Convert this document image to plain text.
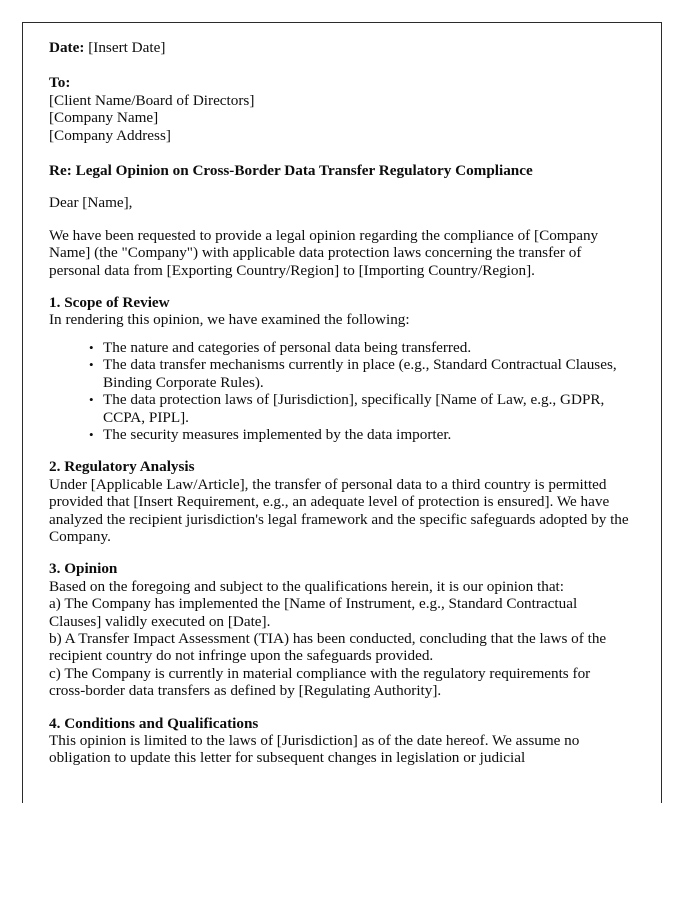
Date: [Insert Date]

To:

[Client Name/Board of Directors]

[Company Name]

[Company Address]

Re: Legal Opinion on Cross-Border Data Transfer Regulatory Compliance

Dear [Name],

We have been requested to provide a legal opinion regarding the compliance of [Company Name] (the "Company") with applicable data protection laws concerning the transfer of personal data from [Exporting Country/Region] to [Importing Country/Region].

1. Scope of Review

In rendering this opinion, we have examined the following:

• The nature and categories of personal data being transferred.
• The data transfer mechanisms currently in place (e.g., Standard Contractual Clauses, Binding Corporate Rules).
• The data protection laws of [Jurisdiction], specifically [Name of Law, e.g., GDPR, CCPA, PIPL].
• The security measures implemented by the data importer.

2. Regulatory Analysis

Under [Applicable Law/Article], the transfer of personal data to a third country is permitted provided that [Insert Requirement, e.g., an adequate level of protection is ensured]. We have analyzed the recipient jurisdiction's legal framework and the specific safeguards adopted by the Company.

3. Opinion

Based on the foregoing and subject to the qualifications herein, it is our opinion that:

a) The Company has implemented the [Name of Instrument, e.g., Standard Contractual Clauses] validly executed on [Date].

b) A Transfer Impact Assessment (TIA) has been conducted, concluding that the laws of the recipient country do not infringe upon the safeguards provided.

c) The Company is currently in material compliance with the regulatory requirements for cross-border data transfers as defined by [Regulating Authority].

4. Conditions and Qualifications

This opinion is limited to the laws of [Jurisdiction] as of the date hereof. We assume no obligation to update this letter for subsequent changes in legislation or judicial
